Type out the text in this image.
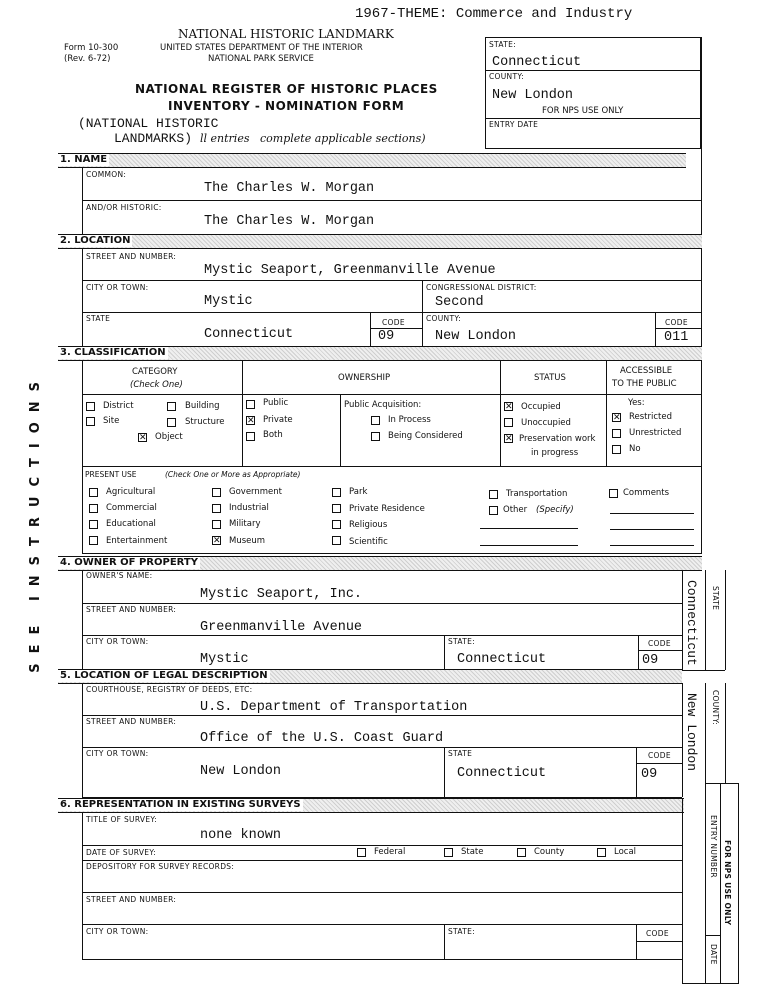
1967-THEME: Commerce and Industry
Form 10-300
(Rev. 6-72)
NATIONAL HISTORIC LANDMARK
UNITED STATES DEPARTMENT OF THE INTERIOR
NATIONAL PARK SERVICE
NATIONAL REGISTER OF HISTORIC PLACES
INVENTORY - NOMINATION FORM
(NATIONAL HISTORIC
LANDMARKS) ll entries complete applicable sections)
STATE:
Connecticut
COUNTY:
New London
FOR NPS USE ONLY
ENTRY DATE
SEE INSTRUCTIONS
1. NAME
COMMON:
The Charles W. Morgan
AND/OR HISTORIC:
The Charles W. Morgan
2. LOCATION
STREET AND NUMBER:
Mystic Seaport, Greenmanville Avenue
CITY OR TOWN:
Mystic
CONGRESSIONAL DISTRICT:
Second
STATE
Connecticut
CODE
09
COUNTY:
New London
CODE
011
3. CLASSIFICATION
CATEGORY
(Check One)
OWNERSHIP	STATUS
ACCESSIBLE
TO THE PUBLIC
District	Building
Site	Structure
✕ Object
Public
✕ Private
Both
Public Acquisition:
In Process
Being Considered
✕ Occupied
Unoccupied
✕ Preservation work
in progress
Yes:
✕ Restricted
Unrestricted
No
PRESENT USE	(Check One or More as Appropriate)
Agricultural
Commercial
Educational
Entertainment
Government
Industrial
Military
✕ Museum
Park
Private Residence
Religious
Scientific
Transportation
Other (Specify)
Comments
4. OWNER OF PROPERTY
OWNER'S NAME:
Mystic Seaport, Inc.
STREET AND NUMBER:
Greenmanville Avenue
CITY OR TOWN:
Mystic
STATE:
Connecticut
CODE
09 Connecticut STATE
5. LOCATION OF LEGAL DESCRIPTION
COURTHOUSE, REGISTRY OF DEEDS, ETC:
U.S. Department of Transportation
STREET AND NUMBER:
Office of the U.S. Coast Guard
CITY OR TOWN:
New London
STATE
Connecticut
CODE
09
New London COUNTY:
6. REPRESENTATION IN EXISTING SURVEYS
TITLE OF SURVEY:
none known
DATE OF SURVEY:	Federal	State	County	Local
DEPOSITORY FOR SURVEY RECORDS:
STREET AND NUMBER:
CITY OR TOWN:	STATE:	CODE
ENTRY NUMBER FOR NPS USE ONLY
DATE
